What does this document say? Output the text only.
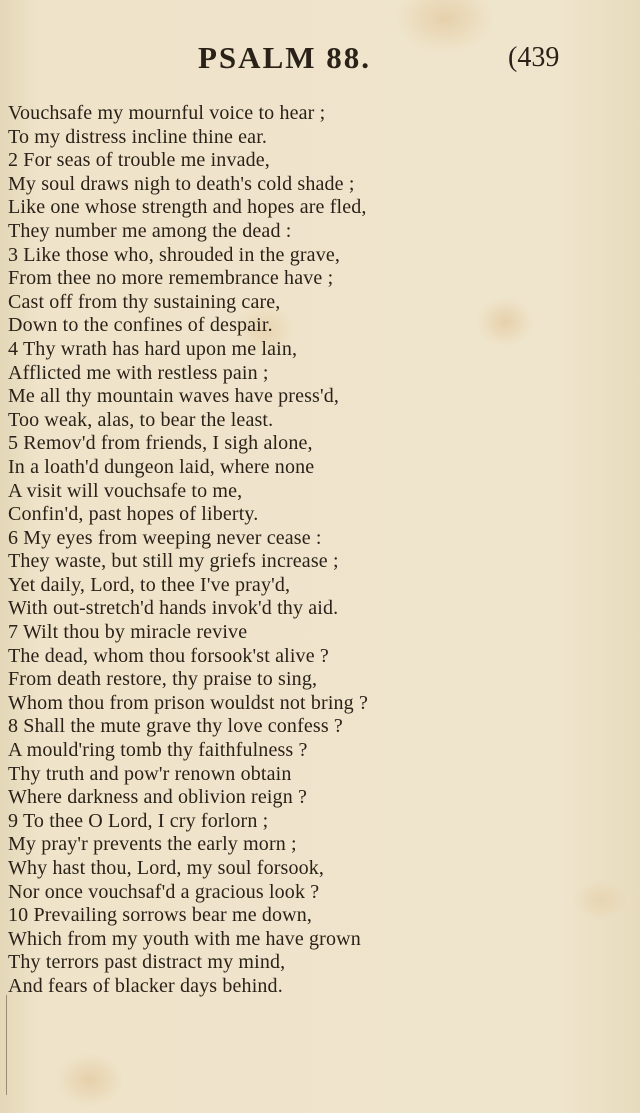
PSALM 88.	(439
Vouchsafe my mournful voice to hear ;
To my distress incline thine ear.
2 For seas of trouble me invade,
My soul draws nigh to death's cold shade ;
Like one whose strength and hopes are fled,
They number me among the dead :
3 Like those who, shrouded in the grave,
From thee no more remembrance have ;
Cast off from thy sustaining care,
Down to the confines of despair.
4 Thy wrath has hard upon me lain,
Afflicted me with restless pain ;
Me all thy mountain waves have press'd,
Too weak, alas, to bear the least.
5 Remov'd from friends, I sigh alone,
In a loath'd dungeon laid, where none
A visit will vouchsafe to me,
Confin'd, past hopes of liberty.
6 My eyes from weeping never cease :
They waste, but still my griefs increase ;
Yet daily, Lord, to thee I've pray'd,
With out-stretch'd hands invok'd thy aid.
7 Wilt thou by miracle revive
The dead, whom thou forsook'st alive ?
From death restore, thy praise to sing,
Whom thou from prison wouldst not bring ?
8 Shall the mute grave thy love confess ?
A mould'ring tomb thy faithfulness ?
Thy truth and pow'r renown obtain
Where darkness and oblivion reign ?
9 To thee O Lord, I cry forlorn ;
My pray'r prevents the early morn ;
Why hast thou, Lord, my soul forsook,
Nor once vouchsaf'd a gracious look ?
10 Prevailing sorrows bear me down,
Which from my youth with me have grown
Thy terrors past distract my mind,
And fears of blacker days behind.
